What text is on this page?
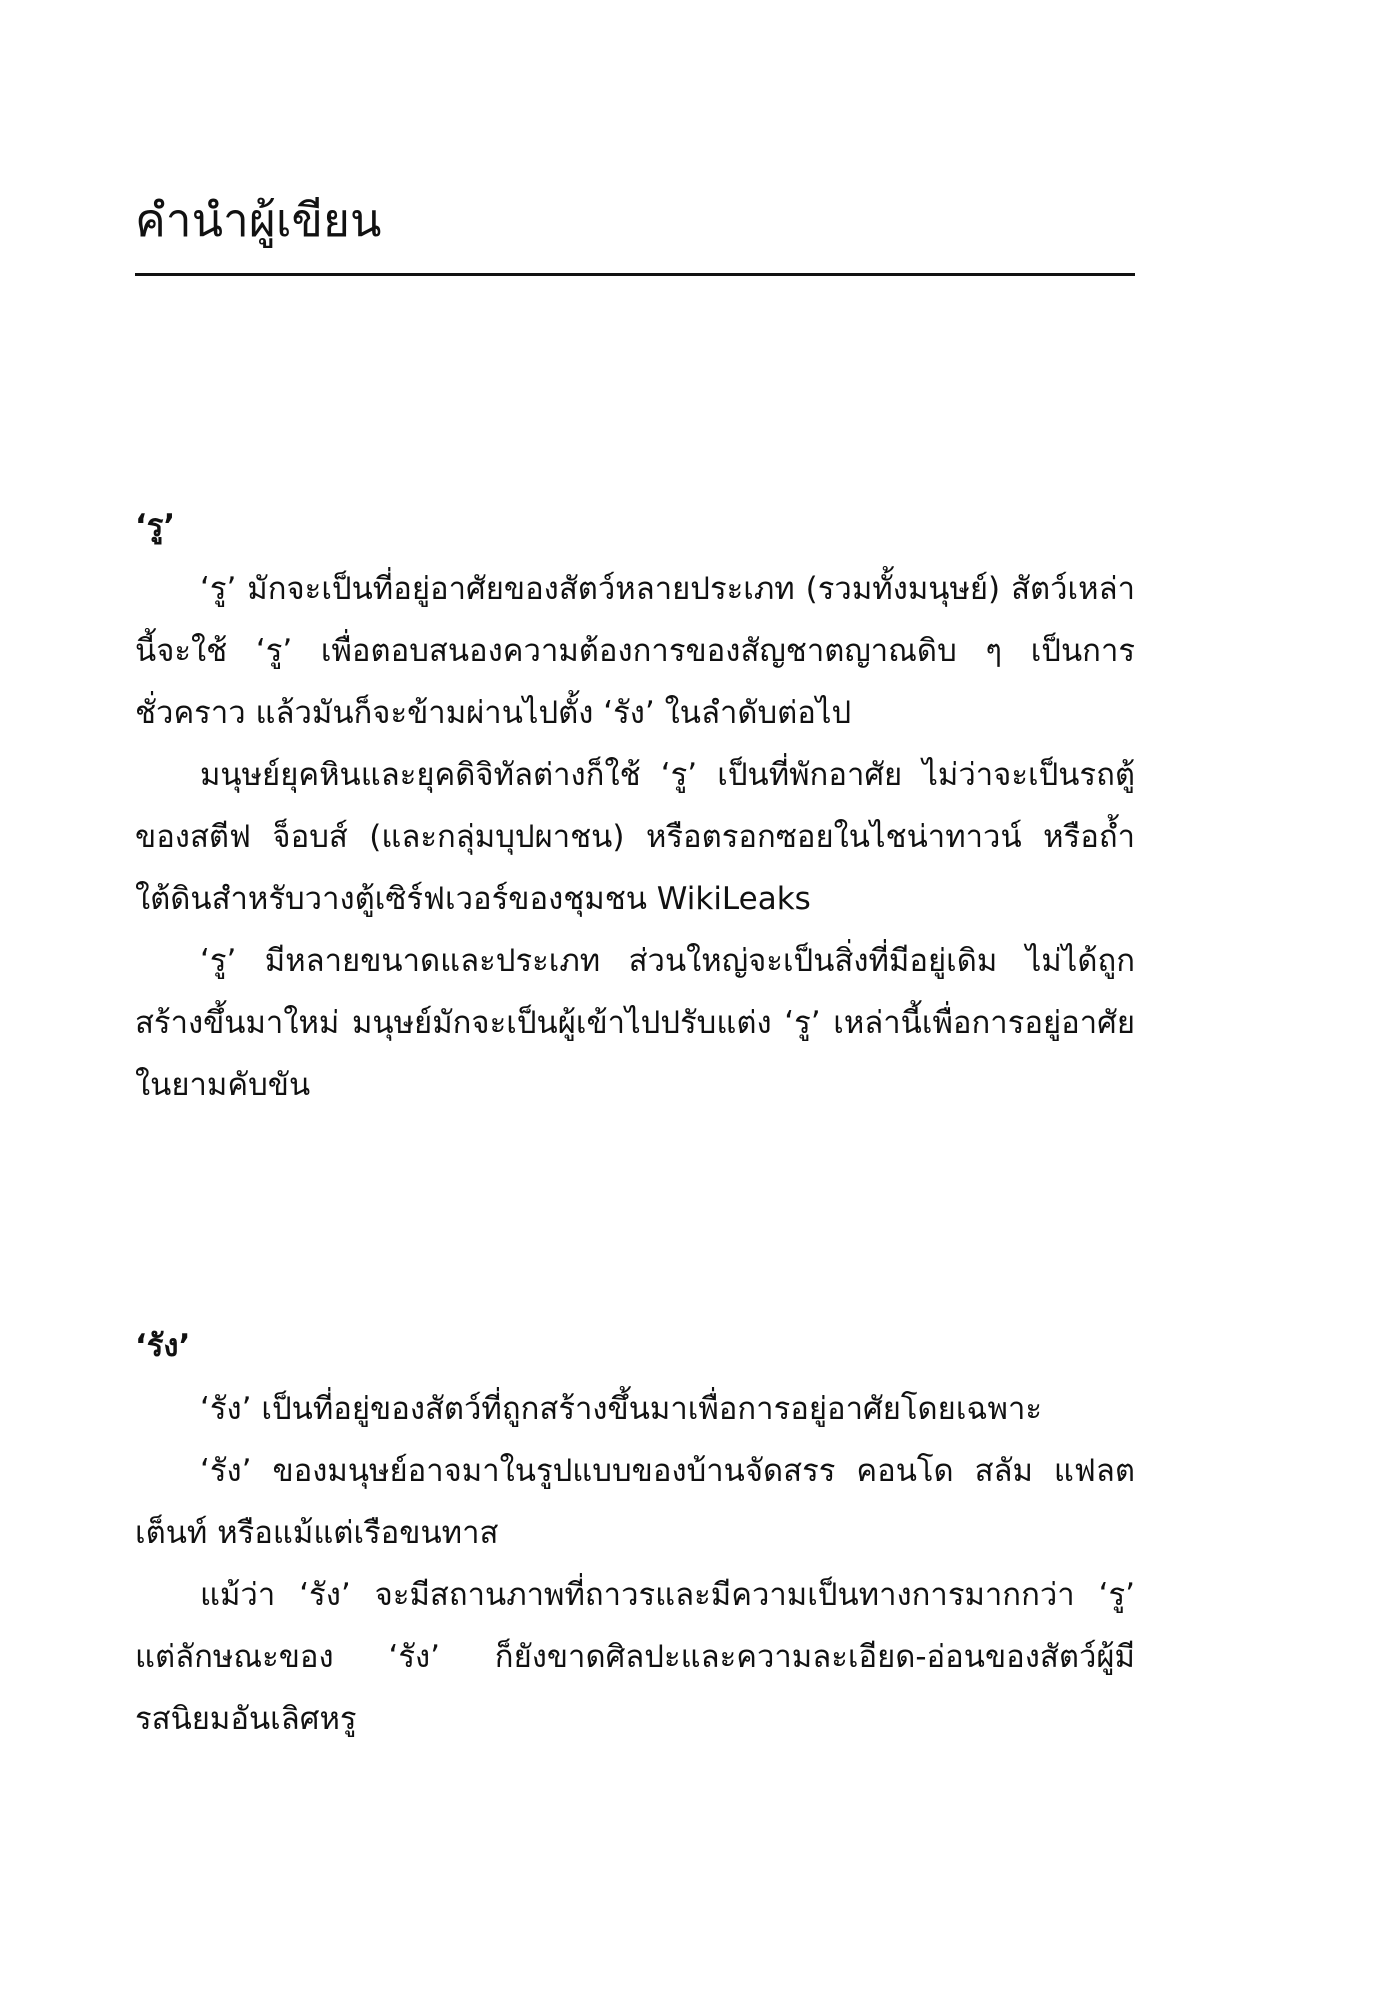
คำนำผู้เขียน

‘รู’

‘รู’ มักจะเป็นที่อยู่อาศัยของสัตว์หลายประเภท (รวมทั้งมนุษย์) สัตว์เหล่านี้จะใช้ ‘รู’ เพื่อตอบสนองความต้องการของสัญชาตญาณดิบ ๆ เป็นการชั่วคราว แล้วมันก็จะข้ามผ่านไปตั้ง ‘รัง’ ในลำดับต่อไป

มนุษย์ยุคหินและยุคดิจิทัลต่างก็ใช้ ‘รู’ เป็นที่พักอาศัย ไม่ว่าจะเป็นรถตู้ของสตีฟ จ็อบส์ (และกลุ่มบุปผาชน) หรือตรอกซอยในไชน่าทาวน์ หรือถ้ำใต้ดินสำหรับวางตู้เซิร์ฟเวอร์ของชุมชน WikiLeaks

‘รู’ มีหลายขนาดและประเภท ส่วนใหญ่จะเป็นสิ่งที่มีอยู่เดิม ไม่ได้ถูกสร้างขึ้นมาใหม่ มนุษย์มักจะเป็นผู้เข้าไปปรับแต่ง ‘รู’ เหล่านี้เพื่อการอยู่อาศัยในยามคับขัน

‘รัง’

‘รัง’ เป็นที่อยู่ของสัตว์ที่ถูกสร้างขึ้นมาเพื่อการอยู่อาศัยโดยเฉพาะ

‘รัง’ ของมนุษย์อาจมาในรูปแบบของบ้านจัดสรร คอนโด สลัม แฟลต เต็นท์ หรือแม้แต่เรือขนทาส

แม้ว่า ‘รัง’ จะมีสถานภาพที่ถาวรและมีความเป็นทางการมากกว่า ‘รู’ แต่ลักษณะของ ‘รัง’ ก็ยังขาดศิลปะและความละเอียด-อ่อนของสัตว์ผู้มีรสนิยมอันเลิศหรู
